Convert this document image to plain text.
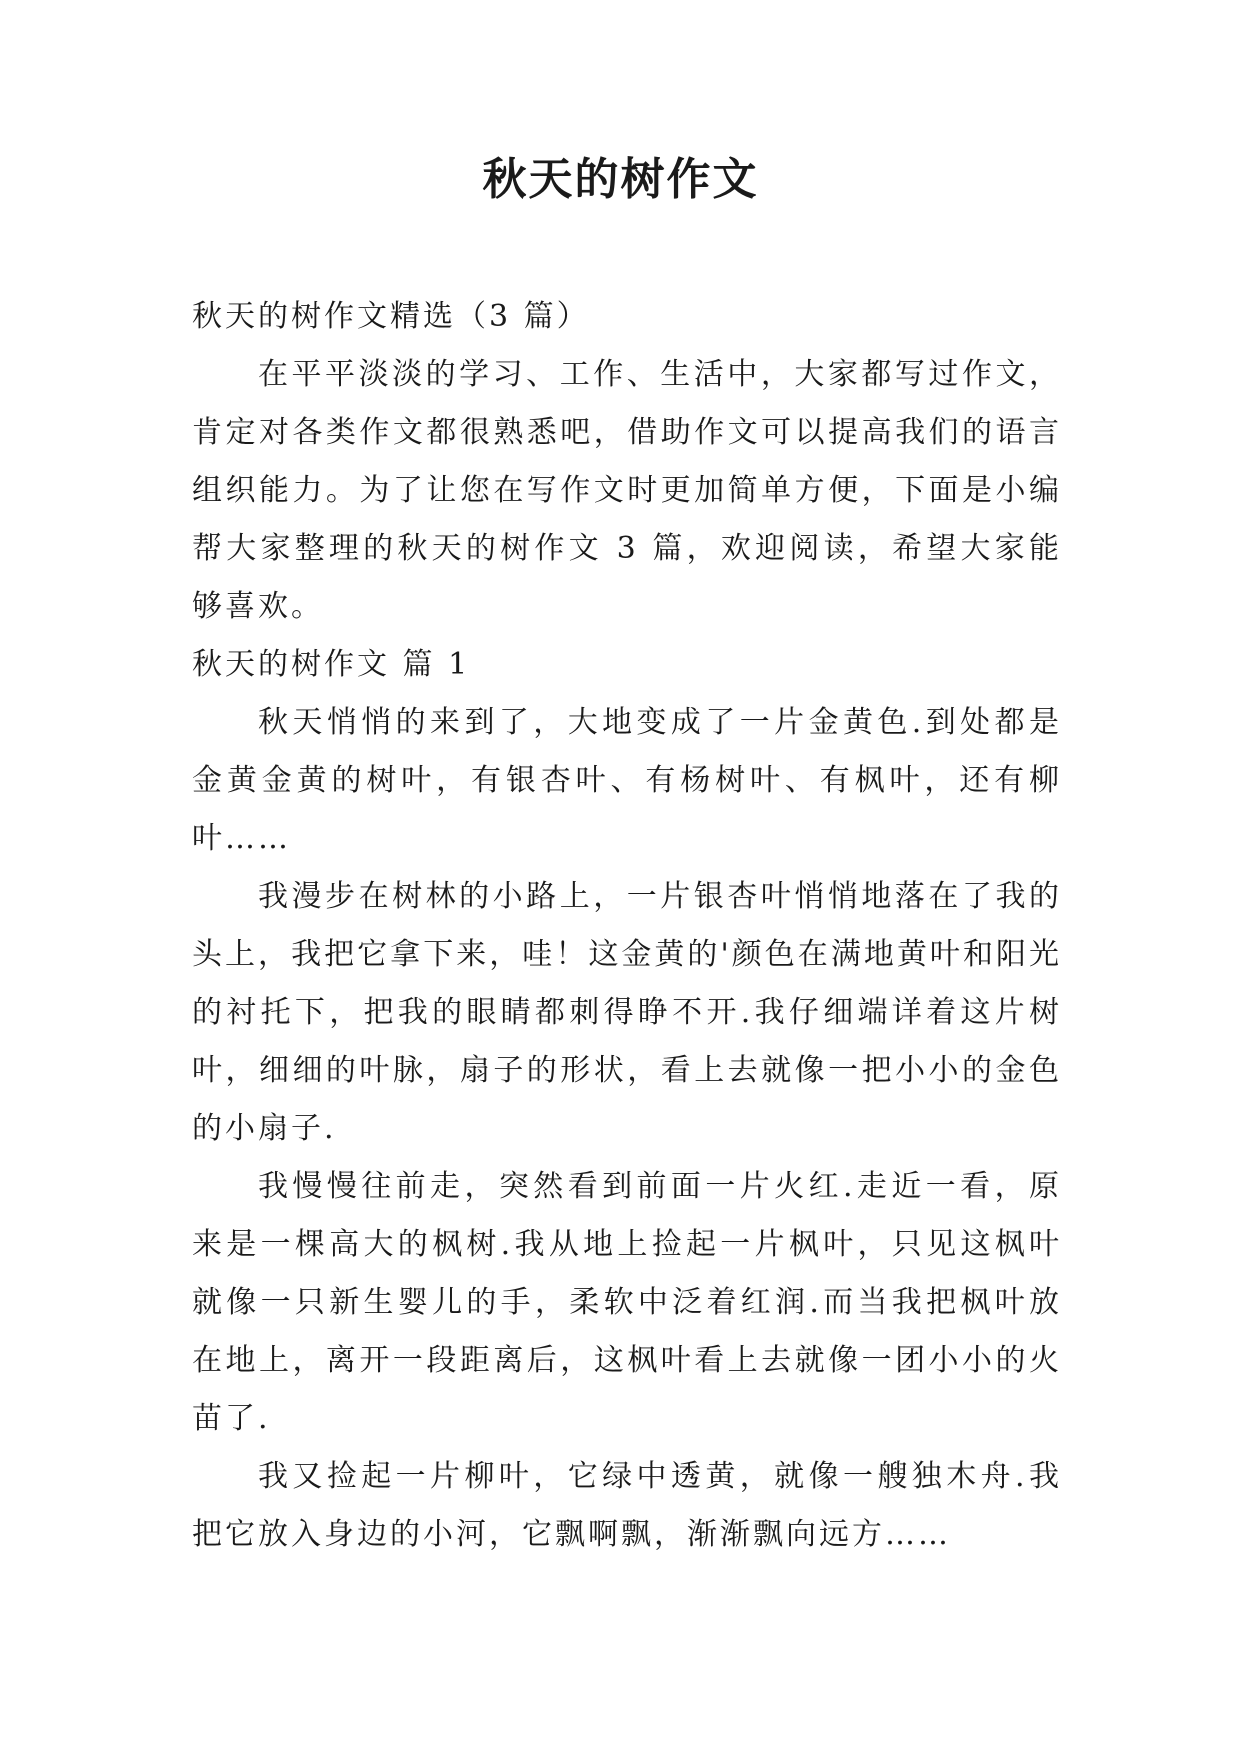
秋天的树作文

秋天的树作文精选（3 篇）

在平平淡淡的学习、工作、生活中，大家都写过作文，肯定对各类作文都很熟悉吧，借助作文可以提高我们的语言组织能力。为了让您在写作文时更加简单方便，下面是小编帮大家整理的秋天的树作文 3 篇，欢迎阅读，希望大家能够喜欢。

秋天的树作文 篇 1

秋天悄悄的来到了，大地变成了一片金黄色.到处都是金黄金黄的树叶，有银杏叶、有杨树叶、有枫叶，还有柳叶……

我漫步在树林的小路上，一片银杏叶悄悄地落在了我的头上，我把它拿下来，哇！这金黄的'颜色在满地黄叶和阳光的衬托下，把我的眼睛都刺得睁不开.我仔细端详着这片树叶，细细的叶脉，扇子的形状，看上去就像一把小小的金色的小扇子.

我慢慢往前走，突然看到前面一片火红.走近一看，原来是一棵高大的枫树.我从地上捡起一片枫叶，只见这枫叶就像一只新生婴儿的手，柔软中泛着红润.而当我把枫叶放在地上，离开一段距离后，这枫叶看上去就像一团小小的火苗了.

我又捡起一片柳叶，它绿中透黄，就像一艘独木舟.我把它放入身边的小河，它飘啊飘，渐渐飘向远方……
